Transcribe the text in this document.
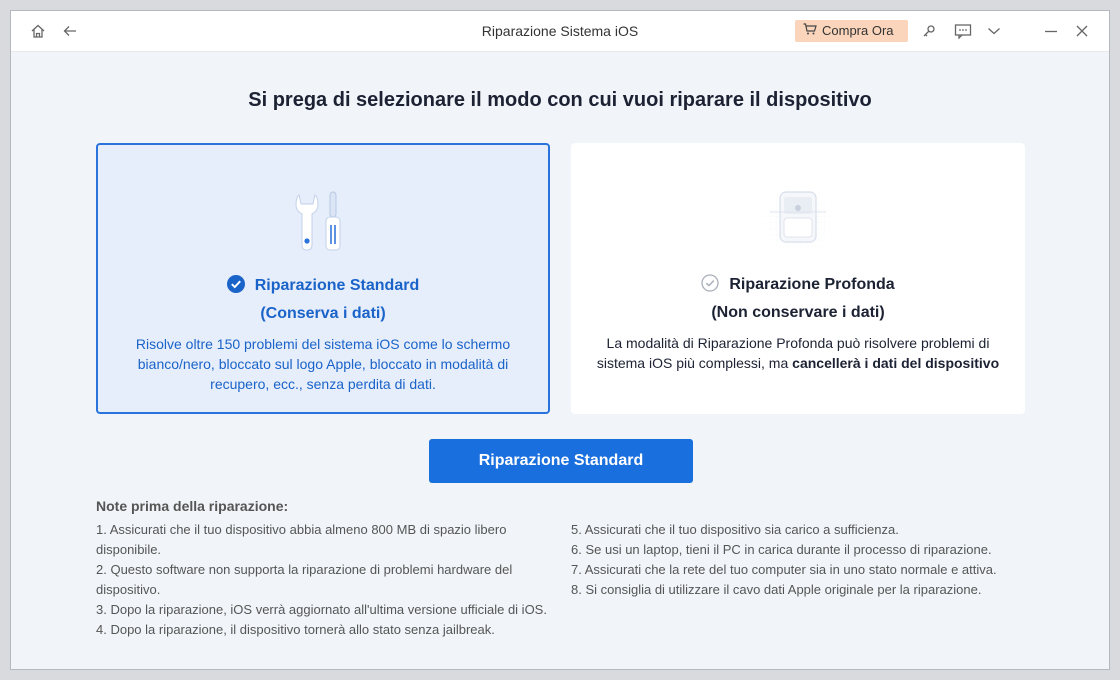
Riparazione Sistema iOS	Compra Ora
Si prega di selezionare il modo con cui vuoi riparare il dispositivo
Riparazione Standard
(Conserva i dati)
Risolve oltre 150 problemi del sistema iOS come lo schermo bianco/nero, bloccato sul logo Apple, bloccato in modalità di recupero, ecc., senza perdita di dati.
Riparazione Profonda
(Non conservare i dati)
La modalità di Riparazione Profonda può risolvere problemi di sistema iOS più complessi, ma cancellerà i dati del dispositivo
Riparazione Standard
Note prima della riparazione:
1. Assicurati che il tuo dispositivo abbia almeno 800 MB di spazio libero disponibile.
2. Questo software non supporta la riparazione di problemi hardware del dispositivo.
3. Dopo la riparazione, iOS verrà aggiornato all'ultima versione ufficiale di iOS.
4. Dopo la riparazione, il dispositivo tornerà allo stato senza jailbreak.
5. Assicurati che il tuo dispositivo sia carico a sufficienza.
6. Se usi un laptop, tieni il PC in carica durante il processo di riparazione.
7. Assicurati che la rete del tuo computer sia in uno stato normale e attiva.
8. Si consiglia di utilizzare il cavo dati Apple originale per la riparazione.
